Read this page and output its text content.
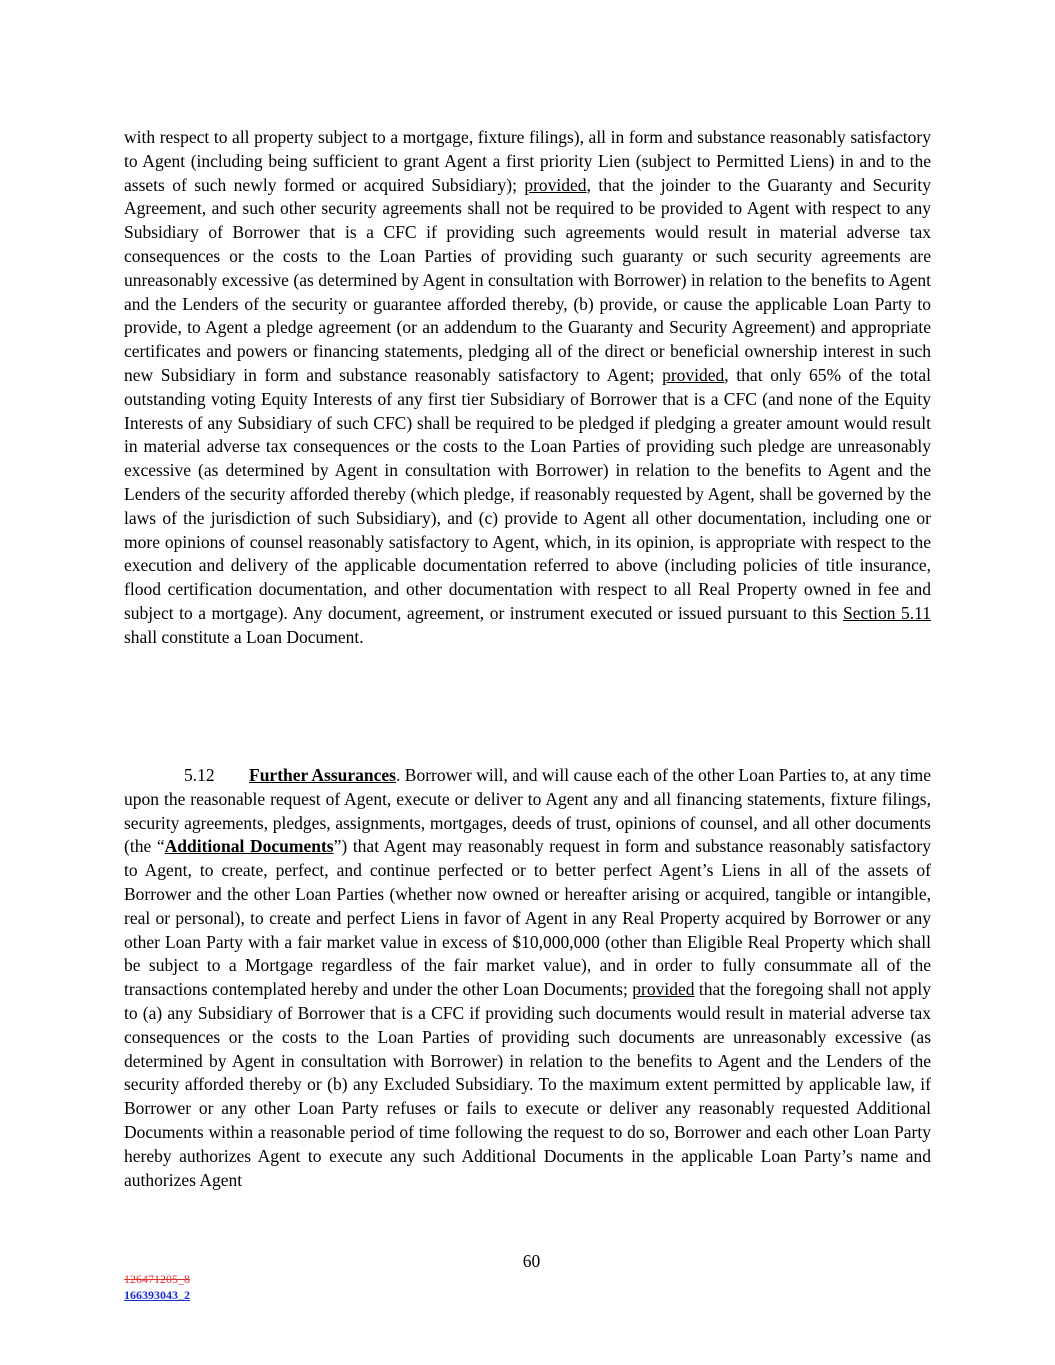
with respect to all property subject to a mortgage, fixture filings), all in form and substance reasonably satisfactory to Agent (including being sufficient to grant Agent a first priority Lien (subject to Permitted Liens) in and to the assets of such newly formed or acquired Subsidiary); provided, that the joinder to the Guaranty and Security Agreement, and such other security agreements shall not be required to be provided to Agent with respect to any Subsidiary of Borrower that is a CFC if providing such agreements would result in material adverse tax consequences or the costs to the Loan Parties of providing such guaranty or such security agreements are unreasonably excessive (as determined by Agent in consultation with Borrower) in relation to the benefits to Agent and the Lenders of the security or guarantee afforded thereby, (b) provide, or cause the applicable Loan Party to provide, to Agent a pledge agreement (or an addendum to the Guaranty and Security Agreement) and appropriate certificates and powers or financing statements, pledging all of the direct or beneficial ownership interest in such new Subsidiary in form and substance reasonably satisfactory to Agent; provided, that only 65% of the total outstanding voting Equity Interests of any first tier Subsidiary of Borrower that is a CFC (and none of the Equity Interests of any Subsidiary of such CFC) shall be required to be pledged if pledging a greater amount would result in material adverse tax consequences or the costs to the Loan Parties of providing such pledge are unreasonably excessive (as determined by Agent in consultation with Borrower) in relation to the benefits to Agent and the Lenders of the security afforded thereby (which pledge, if reasonably requested by Agent, shall be governed by the laws of the jurisdiction of such Subsidiary), and (c) provide to Agent all other documentation, including one or more opinions of counsel reasonably satisfactory to Agent, which, in its opinion, is appropriate with respect to the execution and delivery of the applicable documentation referred to above (including policies of title insurance, flood certification documentation, and other documentation with respect to all Real Property owned in fee and subject to a mortgage). Any document, agreement, or instrument executed or issued pursuant to this Section 5.11 shall constitute a Loan Document.

5.12 Further Assurances. Borrower will, and will cause each of the other Loan Parties to, at any time upon the reasonable request of Agent, execute or deliver to Agent any and all financing statements, fixture filings, security agreements, pledges, assignments, mortgages, deeds of trust, opinions of counsel, and all other documents (the “Additional Documents”) that Agent may reasonably request in form and substance reasonably satisfactory to Agent, to create, perfect, and continue perfected or to better perfect Agent’s Liens in all of the assets of Borrower and the other Loan Parties (whether now owned or hereafter arising or acquired, tangible or intangible, real or personal), to create and perfect Liens in favor of Agent in any Real Property acquired by Borrower or any other Loan Party with a fair market value in excess of $10,000,000 (other than Eligible Real Property which shall be subject to a Mortgage regardless of the fair market value), and in order to fully consummate all of the transactions contemplated hereby and under the other Loan Documents; provided that the foregoing shall not apply to (a) any Subsidiary of Borrower that is a CFC if providing such documents would result in material adverse tax consequences or the costs to the Loan Parties of providing such documents are unreasonably excessive (as determined by Agent in consultation with Borrower) in relation to the benefits to Agent and the Lenders of the security afforded thereby or (b) any Excluded Subsidiary. To the maximum extent permitted by applicable law, if Borrower or any other Loan Party refuses or fails to execute or deliver any reasonably requested Additional Documents within a reasonable period of time following the request to do so, Borrower and each other Loan Party hereby authorizes Agent to execute any such Additional Documents in the applicable Loan Party’s name and authorizes Agent

60
126471205_8
166393043_2
